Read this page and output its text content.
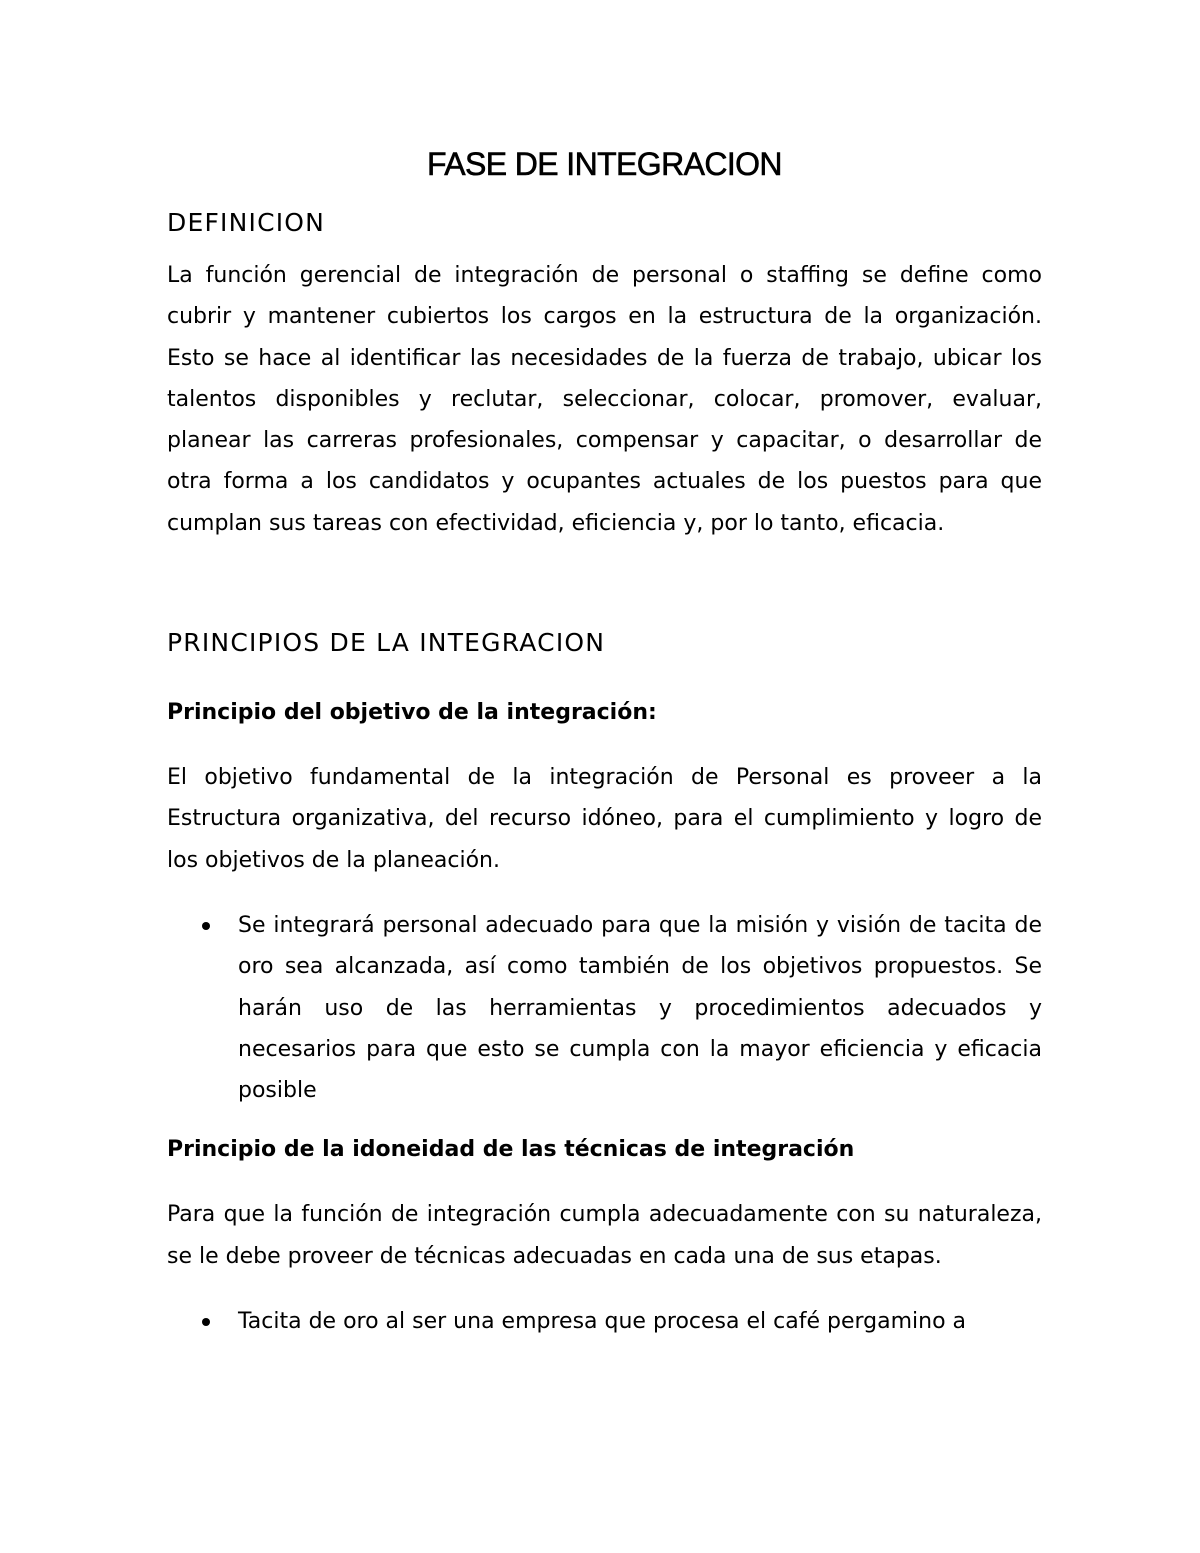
FASE DE INTEGRACION
DEFINICION

La función gerencial de integración de personal o staffing se define como cubrir y mantener cubiertos los cargos en la estructura de la organización. Esto se hace al identificar las necesidades de la fuerza de trabajo, ubicar los talentos disponibles y reclutar, seleccionar, colocar, promover, evaluar, planear las carreras profesionales, compensar y capacitar, o desarrollar de otra forma a los candidatos y ocupantes actuales de los puestos para que cumplan sus tareas con efectividad, eficiencia y, por lo tanto, eficacia.

PRINCIPIOS DE LA INTEGRACION
Principio del objetivo de la integración:

El objetivo fundamental de la integración de Personal es proveer a la Estructura organizativa, del recurso idóneo, para el cumplimiento y logro de los objetivos de la planeación.

Se integrará personal adecuado para que la misión y visión de tacita de oro sea alcanzada, así como también de los objetivos propuestos. Se harán uso de las herramientas y procedimientos adecuados y necesarios para que esto se cumpla con la mayor eficiencia y eficacia posible
Principio de la idoneidad de las técnicas de integración

Para que la función de integración cumpla adecuadamente con su naturaleza, se le debe proveer de técnicas adecuadas en cada una de sus etapas.

Tacita de oro al ser una empresa que procesa el café pergamino a
